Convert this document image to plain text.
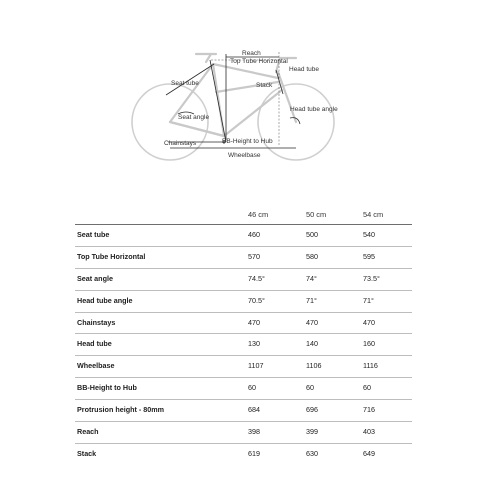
Reach
Top Tube Horizontal
Head tube
Seat tube	Stack
Head tube angle
Seat angle
Chainstays	BB-Height to Hub
Wheelbase
46 cm	50 cm	54 cm
Seat tube	460	500	540
Top Tube Horizontal	570	580	595
Seat angle	74.5°	74°	73.5°
Head tube angle	70.5°	71°	71°
Chainstays	470	470	470
Head tube	130	140	160
Wheelbase	1107	1106	1116
BB-Height to Hub	60	60	60
Protrusion height - 80mm	684	696	716
Reach	398	399	403
Stack	619	630	649
